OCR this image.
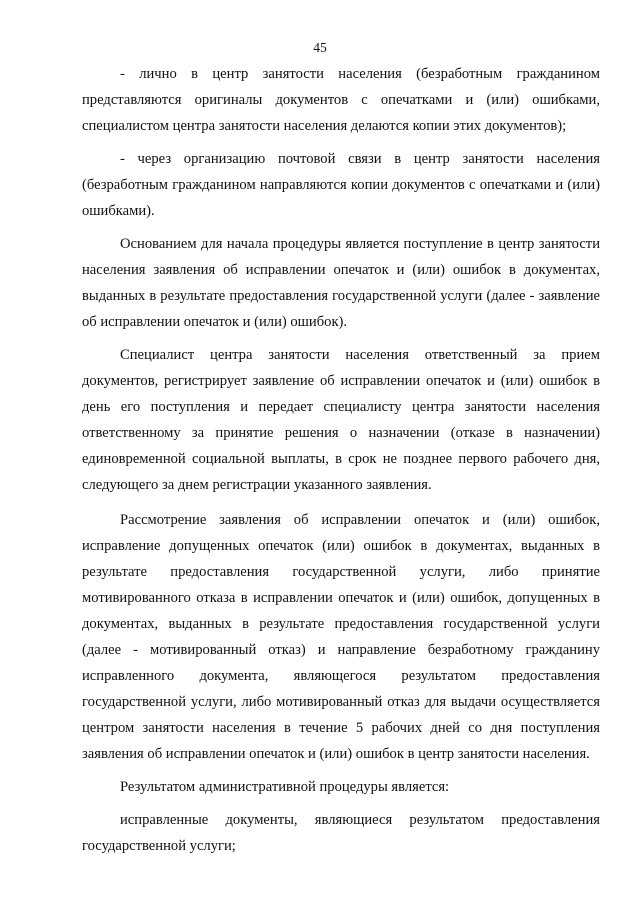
45

- лично в центр занятости населения (безработным гражданином представляются оригиналы документов с опечатками и (или) ошибками, специалистом центра занятости населения делаются копии этих документов);

- через организацию почтовой связи в центр занятости населения (безработным гражданином направляются копии документов с опечатками и (или) ошибками).

Основанием для начала процедуры является поступление в центр занятости населения заявления об исправлении опечаток и (или) ошибок в документах, выданных в результате предоставления государственной услуги (далее - заявление об исправлении опечаток и (или) ошибок).

Специалист центра занятости населения ответственный за прием документов, регистрирует заявление об исправлении опечаток и (или) ошибок в день его поступления и передает специалисту центра занятости населения ответственному за принятие решения о назначении (отказе в назначении) единовременной социальной выплаты, в срок не позднее первого рабочего дня, следующего за днем регистрации указанного заявления.

Рассмотрение заявления об исправлении опечаток и (или) ошибок, исправление допущенных опечаток (или) ошибок в документах, выданных в результате предоставления государственной услуги, либо принятие мотивированного отказа в исправлении опечаток и (или) ошибок, допущенных в документах, выданных в результате предоставления государственной услуги (далее - мотивированный отказ) и направление безработному гражданину исправленного документа, являющегося результатом предоставления государственной услуги, либо мотивированный отказ для выдачи осуществляется центром занятости населения в течение 5 рабочих дней со дня поступления заявления об исправлении опечаток и (или) ошибок в центр занятости населения.

Результатом административной процедуры является:

исправленные документы, являющиеся результатом предоставления государственной услуги;
